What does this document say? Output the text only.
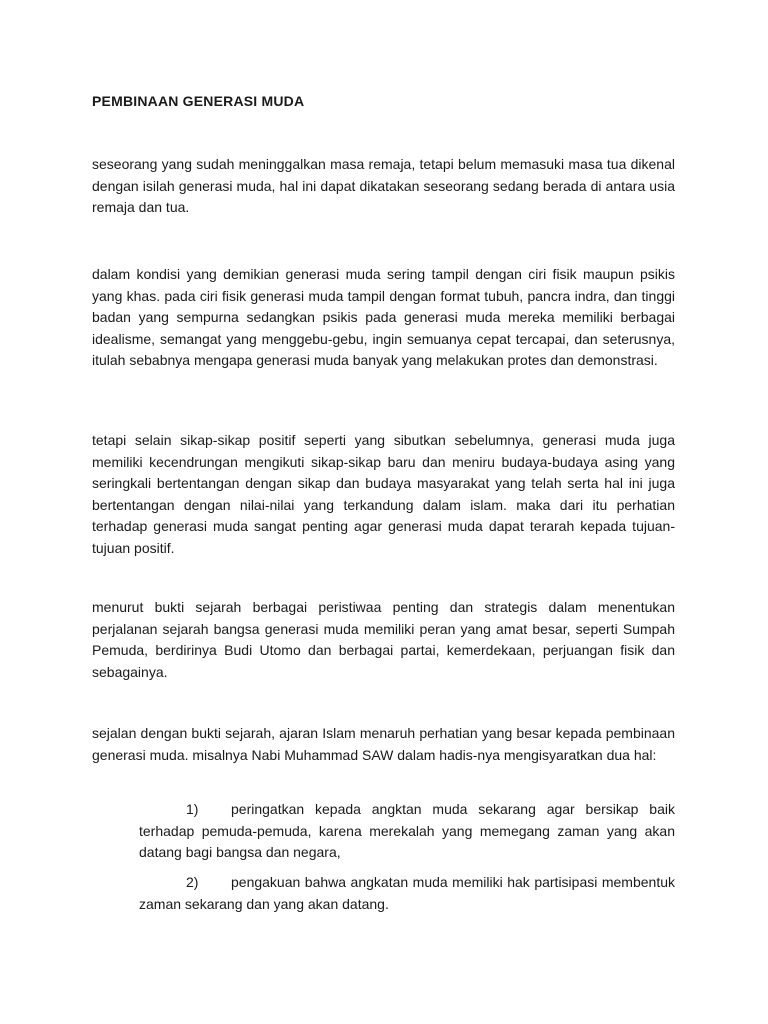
PEMBINAAN GENERASI MUDA

seseorang yang sudah meninggalkan masa remaja, tetapi belum memasuki masa tua dikenal dengan isilah generasi muda, hal ini dapat dikatakan seseorang sedang berada di antara usia remaja dan tua.

dalam kondisi yang demikian generasi muda sering tampil dengan ciri fisik maupun psikis yang khas. pada ciri fisik generasi muda tampil dengan format tubuh, pancra indra, dan tinggi badan yang sempurna sedangkan psikis pada generasi muda mereka memiliki berbagai idealisme, semangat yang menggebu-gebu, ingin semuanya cepat tercapai, dan seterusnya, itulah sebabnya mengapa generasi muda banyak yang melakukan protes dan demonstrasi.

tetapi selain sikap-sikap positif seperti yang sibutkan sebelumnya, generasi muda juga memiliki kecendrungan mengikuti sikap-sikap baru dan meniru budaya-budaya asing yang seringkali bertentangan dengan sikap dan budaya masyarakat yang telah serta hal ini juga bertentangan dengan nilai-nilai yang terkandung dalam islam. maka dari itu perhatian terhadap generasi muda sangat penting agar generasi muda dapat terarah kepada tujuan-tujuan positif.

menurut bukti sejarah berbagai peristiwaa penting dan strategis dalam menentukan perjalanan sejarah bangsa generasi muda memiliki peran yang amat besar, seperti Sumpah Pemuda, berdirinya Budi Utomo dan berbagai partai, kemerdekaan, perjuangan fisik dan sebagainya.

sejalan dengan bukti sejarah, ajaran Islam menaruh perhatian yang besar kepada pembinaan generasi muda. misalnya Nabi Muhammad SAW dalam hadis-nya mengisyaratkan dua hal:

1) peringatkan kepada angktan muda sekarang agar bersikap baik terhadap pemuda-pemuda, karena merekalah yang memegang zaman yang akan datang bagi bangsa dan negara,

2) pengakuan bahwa angkatan muda memiliki hak partisipasi membentuk zaman sekarang dan yang akan datang.
